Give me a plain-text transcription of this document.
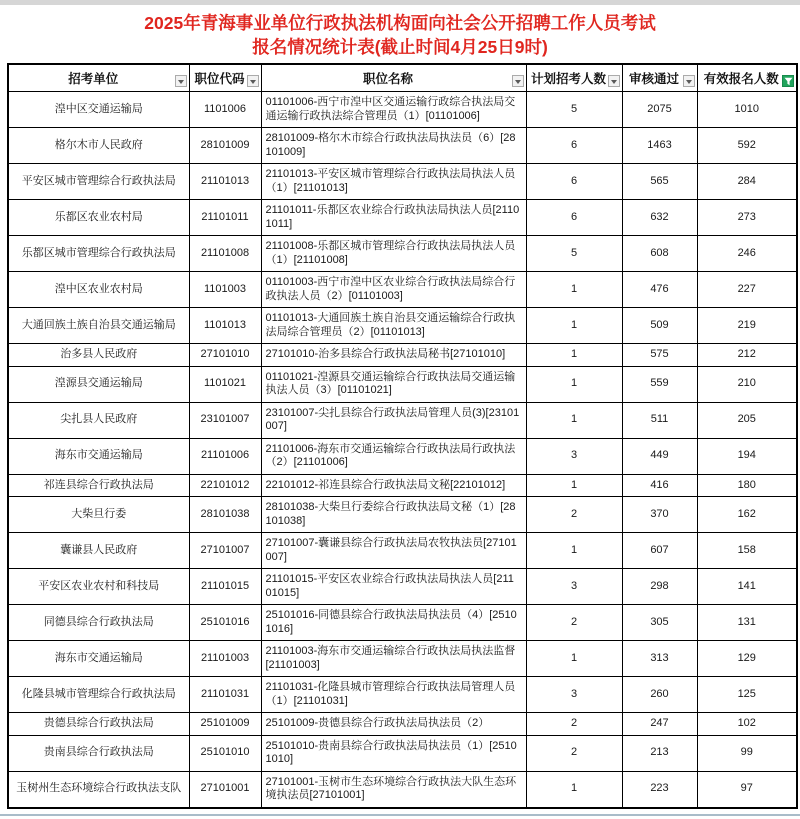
2025年青海事业单位行政执法机构面向社会公开招聘工作人员考试
报名情况统计表(截止时间4月25日9时)
招考单位	职位代码	职位名称	计划招考人数	审核通过	有效报名人数

湟中区交通运输局	1101006	01101006-西宁市湟中区交通运输行政综合执法局交通运输行政执法综合管理员（1）[01101006]	5	2075	1010
格尔木市人民政府	28101009	28101009-格尔木市综合行政执法局执法员（6）[28101009]	6	1463	592
平安区城市管理综合行政执法局	21101013	21101013-平安区城市管理综合行政执法局执法人员（1）[21101013]	6	565	284
乐都区农业农村局	21101011	21101011-乐都区农业综合行政执法局执法人员[21101011]	6	632	273
乐都区城市管理综合行政执法局	21101008	21101008-乐都区城市管理综合行政执法局执法人员（1）[21101008]	5	608	246
湟中区农业农村局	1101003	01101003-西宁市湟中区农业综合行政执法局综合行政执法人员（2）[01101003]	1	476	227
大通回族土族自治县交通运输局	1101013	01101013-大通回族土族自治县交通运输综合行政执法局综合管理员（2）[01101013]	1	509	219
治多县人民政府	27101010	27101010-治多县综合行政执法局秘书[27101010]	1	575	212
湟源县交通运输局	1101021	01101021-湟源县交通运输综合行政执法局交通运输执法人员（3）[01101021]	1	559	210
尖扎县人民政府	23101007	23101007-尖扎县综合行政执法局管理人员(3)[23101007]	1	511	205
海东市交通运输局	21101006	21101006-海东市交通运输综合行政执法局行政执法（2）[21101006]	3	449	194
祁连县综合行政执法局	22101012	22101012-祁连县综合行政执法局文秘[22101012]	1	416	180
大柴旦行委	28101038	28101038-大柴旦行委综合行政执法局文秘（1）[28101038]	2	370	162
囊谦县人民政府	27101007	27101007-囊谦县综合行政执法局农牧执法员[27101007]	1	607	158
平安区农业农村和科技局	21101015	21101015-平安区农业综合行政执法局执法人员[21101015]	3	298	141
同德县综合行政执法局	25101016	25101016-同德县综合行政执法局执法员（4）[25101016]	2	305	131
海东市交通运输局	21101003	21101003-海东市交通运输综合行政执法局执法监督[21101003]	1	313	129
化隆县城市管理综合行政执法局	21101031	21101031-化隆县城市管理综合行政执法局管理人员（1）[21101031]	3	260	125
贵德县综合行政执法局	25101009	25101009-贵德县综合行政执法局执法员（2）	2	247	102
贵南县综合行政执法局	25101010	25101010-贵南县综合行政执法局执法员（1）[25101010]	2	213	99
玉树州生态环境综合行政执法支队	27101001	27101001-玉树市生态环境综合行政执法大队生态环境执法员[27101001]	1	223	97
